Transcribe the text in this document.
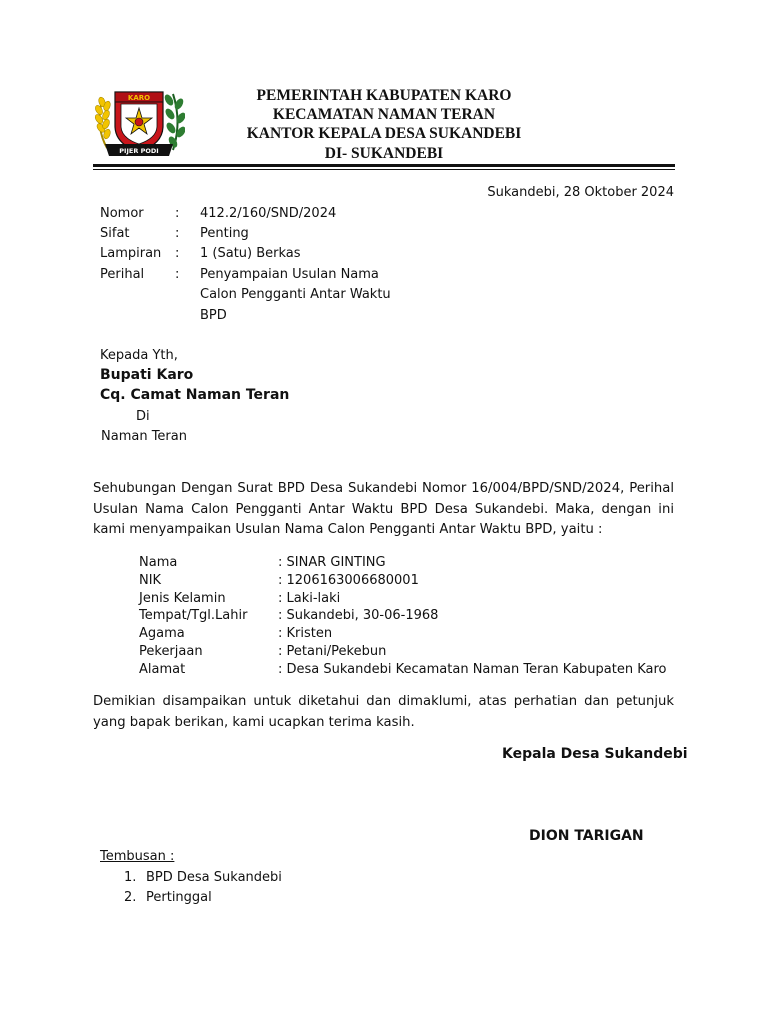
KARO
PIJER PODI
PEMERINTAH KABUPATEN KARO
KECAMATAN NAMAN TERAN
KANTOR KEPALA DESA SUKANDEBI
DI- SUKANDEBI
Sukandebi, 28 Oktober 2024
Nomor : 412.2/160/SND/2024
Sifat	: Penting
Lampiran : 1 (Satu) Berkas
Perihal : Penyampaian Usulan Nama
Calon Pengganti Antar Waktu
BPD
Kepada Yth,
Bupati Karo
Cq. Camat Naman Teran
Di
Naman Teran
Sehubungan Dengan Surat BPD Desa Sukandebi Nomor 16/004/BPD/SND/2024, Perihal Usulan Nama Calon Pengganti Antar Waktu BPD Desa Sukandebi. Maka, dengan ini kami menyampaikan Usulan Nama Calon Pengganti Antar Waktu BPD, yaitu :
Nama	: SINAR GINTING
NIK	: 1206163006680001
Jenis Kelamin	: Laki-laki
Tempat/Tgl.Lahir : Sukandebi, 30-06-1968
Agama	: Kristen
Pekerjaan	: Petani/Pekebun
Alamat	: Desa Sukandebi Kecamatan Naman Teran Kabupaten Karo
Demikian disampaikan untuk diketahui dan dimaklumi, atas perhatian dan petunjuk yang bapak berikan, kami ucapkan terima kasih.
Kepala Desa Sukandebi
DION TARIGAN
Tembusan :
1. BPD Desa Sukandebi
2. Pertinggal
